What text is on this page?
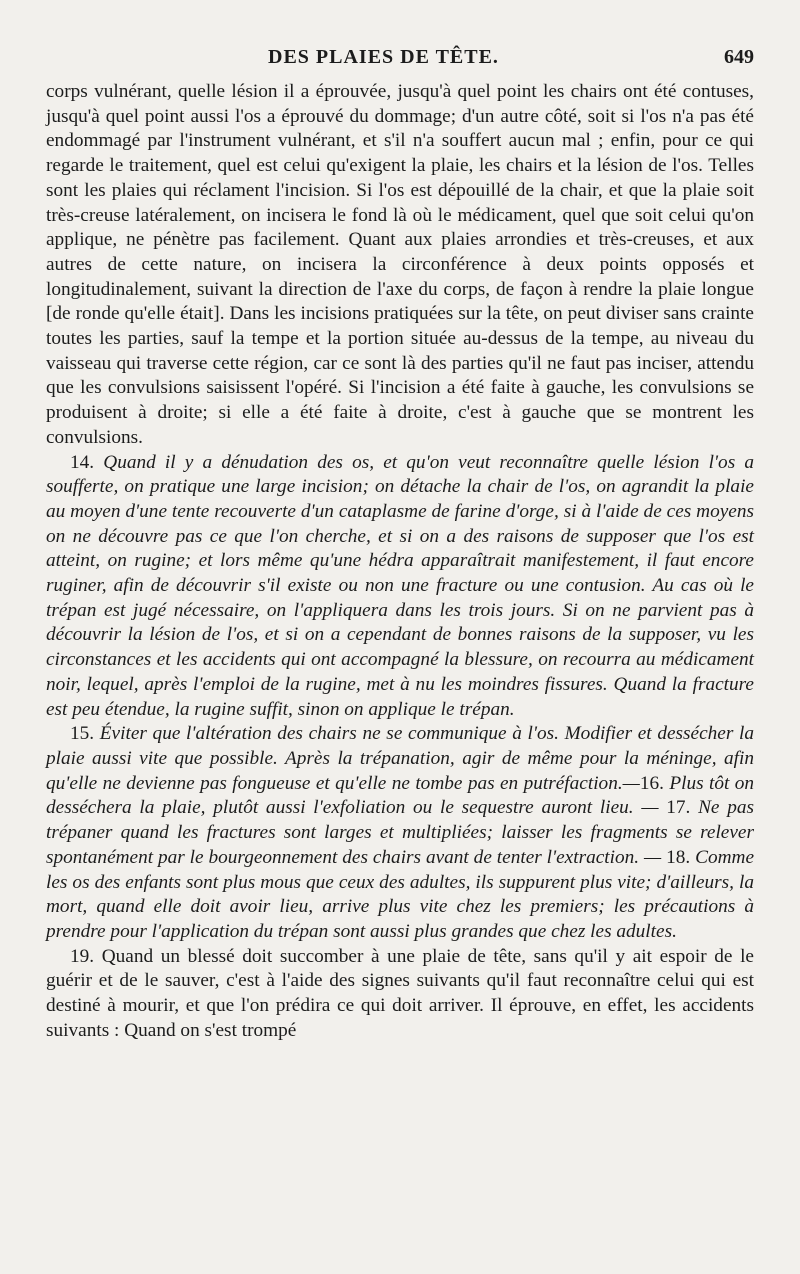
DES PLAIES DE TÊTE.	649

corps vulnérant, quelle lésion il a éprouvée, jusqu'à quel point les chairs ont été contuses, jusqu'à quel point aussi l'os a éprouvé du dommage; d'un autre côté, soit si l'os n'a pas été endommagé par l'instrument vulnérant, et s'il n'a souffert aucun mal ; enfin, pour ce qui regarde le traitement, quel est celui qu'exigent la plaie, les chairs et la lésion de l'os. Telles sont les plaies qui réclament l'incision. Si l'os est dépouillé de la chair, et que la plaie soit très-creuse latéralement, on incisera le fond là où le médicament, quel que soit celui qu'on applique, ne pénètre pas facilement. Quant aux plaies arrondies et très-creuses, et aux autres de cette nature, on incisera la circonférence à deux points opposés et longitudinalement, suivant la direction de l'axe du corps, de façon à rendre la plaie longue [de ronde qu'elle était]. Dans les incisions pratiquées sur la tête, on peut diviser sans crainte toutes les parties, sauf la tempe et la portion située au-dessus de la tempe, au niveau du vaisseau qui traverse cette région, car ce sont là des parties qu'il ne faut pas inciser, attendu que les convulsions saisissent l'opéré. Si l'incision a été faite à gauche, les convulsions se produisent à droite; si elle a été faite à droite, c'est à gauche que se montrent les convulsions.

14. Quand il y a dénudation des os, et qu'on veut reconnaître quelle lésion l'os a soufferte, on pratique une large incision; on détache la chair de l'os, on agrandit la plaie au moyen d'une tente recouverte d'un cataplasme de farine d'orge, si à l'aide de ces moyens on ne découvre pas ce que l'on cherche, et si on a des raisons de supposer que l'os est atteint, on rugine; et lors même qu'une hédra apparaîtrait manifestement, il faut encore ruginer, afin de découvrir s'il existe ou non une fracture ou une contusion. Au cas où le trépan est jugé nécessaire, on l'appliquera dans les trois jours. Si on ne parvient pas à découvrir la lésion de l'os, et si on a cependant de bonnes raisons de la supposer, vu les circonstances et les accidents qui ont accompagné la blessure, on recourra au médicament noir, lequel, après l'emploi de la rugine, met à nu les moindres fissures. Quand la fracture est peu étendue, la rugine suffit, sinon on applique le trépan.

15. Éviter que l'altération des chairs ne se communique à l'os. Modifier et dessécher la plaie aussi vite que possible. Après la trépanation, agir de même pour la méninge, afin qu'elle ne devienne pas fongueuse et qu'elle ne tombe pas en putréfaction.—16. Plus tôt on desséchera la plaie, plutôt aussi l'exfoliation ou le sequestre auront lieu. — 17. Ne pas trépaner quand les fractures sont larges et multipliées; laisser les fragments se relever spontanément par le bourgeonnement des chairs avant de tenter l'extraction. — 18. Comme les os des enfants sont plus mous que ceux des adultes, ils suppurent plus vite; d'ailleurs, la mort, quand elle doit avoir lieu, arrive plus vite chez les premiers; les précautions à prendre pour l'application du trépan sont aussi plus grandes que chez les adultes.

19. Quand un blessé doit succomber à une plaie de tête, sans qu'il y ait espoir de le guérir et de le sauver, c'est à l'aide des signes suivants qu'il faut reconnaître celui qui est destiné à mourir, et que l'on prédira ce qui doit arriver. Il éprouve, en effet, les accidents suivants : Quand on s'est trompé
